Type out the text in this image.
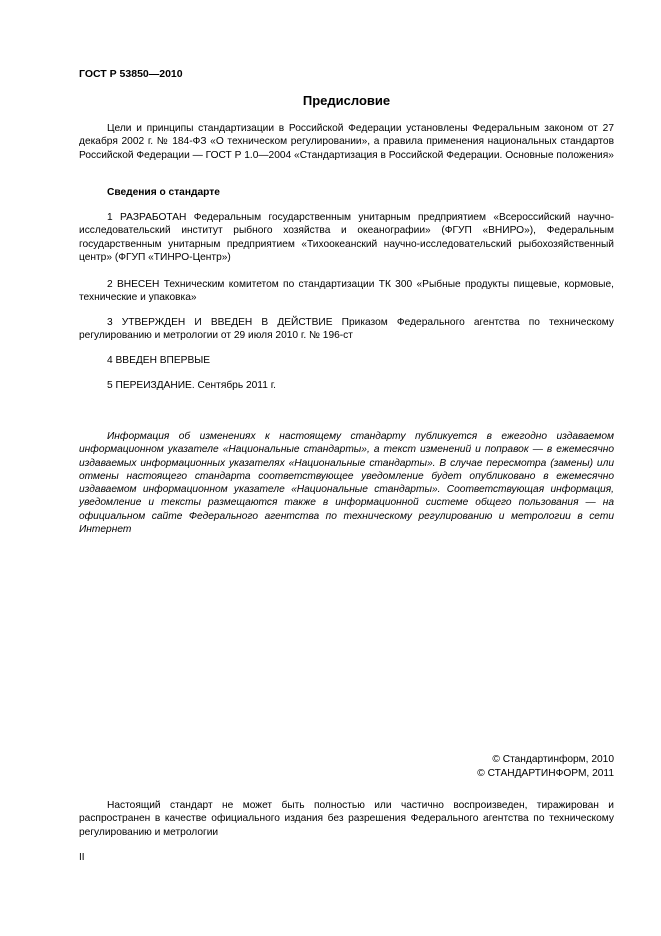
ГОСТ Р 53850—2010
Предисловие

Цели и принципы стандартизации в Российской Федерации установлены Федеральным законом от 27 декабря 2002 г. № 184-ФЗ «О техническом регулировании», а правила применения национальных стандартов Российской Федерации — ГОСТ Р 1.0—2004 «Стандартизация в Российской Федерации. Основные положения»

Сведения о стандарте

1 РАЗРАБОТАН Федеральным государственным унитарным предприятием «Всероссийский научно-исследовательский институт рыбного хозяйства и океанографии» (ФГУП «ВНИРО»), Федеральным государственным унитарным предприятием «Тихоокеанский научно-исследовательский рыбохозяйственный центр» (ФГУП «ТИНРО-Центр»)

2 ВНЕСЕН Техническим комитетом по стандартизации ТК 300 «Рыбные продукты пищевые, кормовые, технические и упаковка»

3 УТВЕРЖДЕН И ВВЕДЕН В ДЕЙСТВИЕ Приказом Федерального агентства по техническому регулированию и метрологии от 29 июля 2010 г. № 196-ст

4 ВВЕДЕН ВПЕРВЫЕ

5 ПЕРЕИЗДАНИЕ. Сентябрь 2011 г.

Информация об изменениях к настоящему стандарту публикуется в ежегодно издаваемом информационном указателе «Национальные стандарты», а текст изменений и поправок — в ежемесячно издаваемых информационных указателях «Национальные стандарты». В случае пересмотра (замены) или отмены настоящего стандарта соответствующее уведомление будет опубликовано в ежемесячно издаваемом информационном указателе «Национальные стандарты». Соответствующая информация, уведомление и тексты размещаются также в информационной системе общего пользования — на официальном сайте Федерального агентства по техническому регулированию и метрологии в сети Интернет

© Стандартинформ, 2010
© СТАНДАРТИНФОРМ, 2011

Настоящий стандарт не может быть полностью или частично воспроизведен, тиражирован и распространен в качестве официального издания без разрешения Федерального агентства по техническому регулированию и метрологии

II
